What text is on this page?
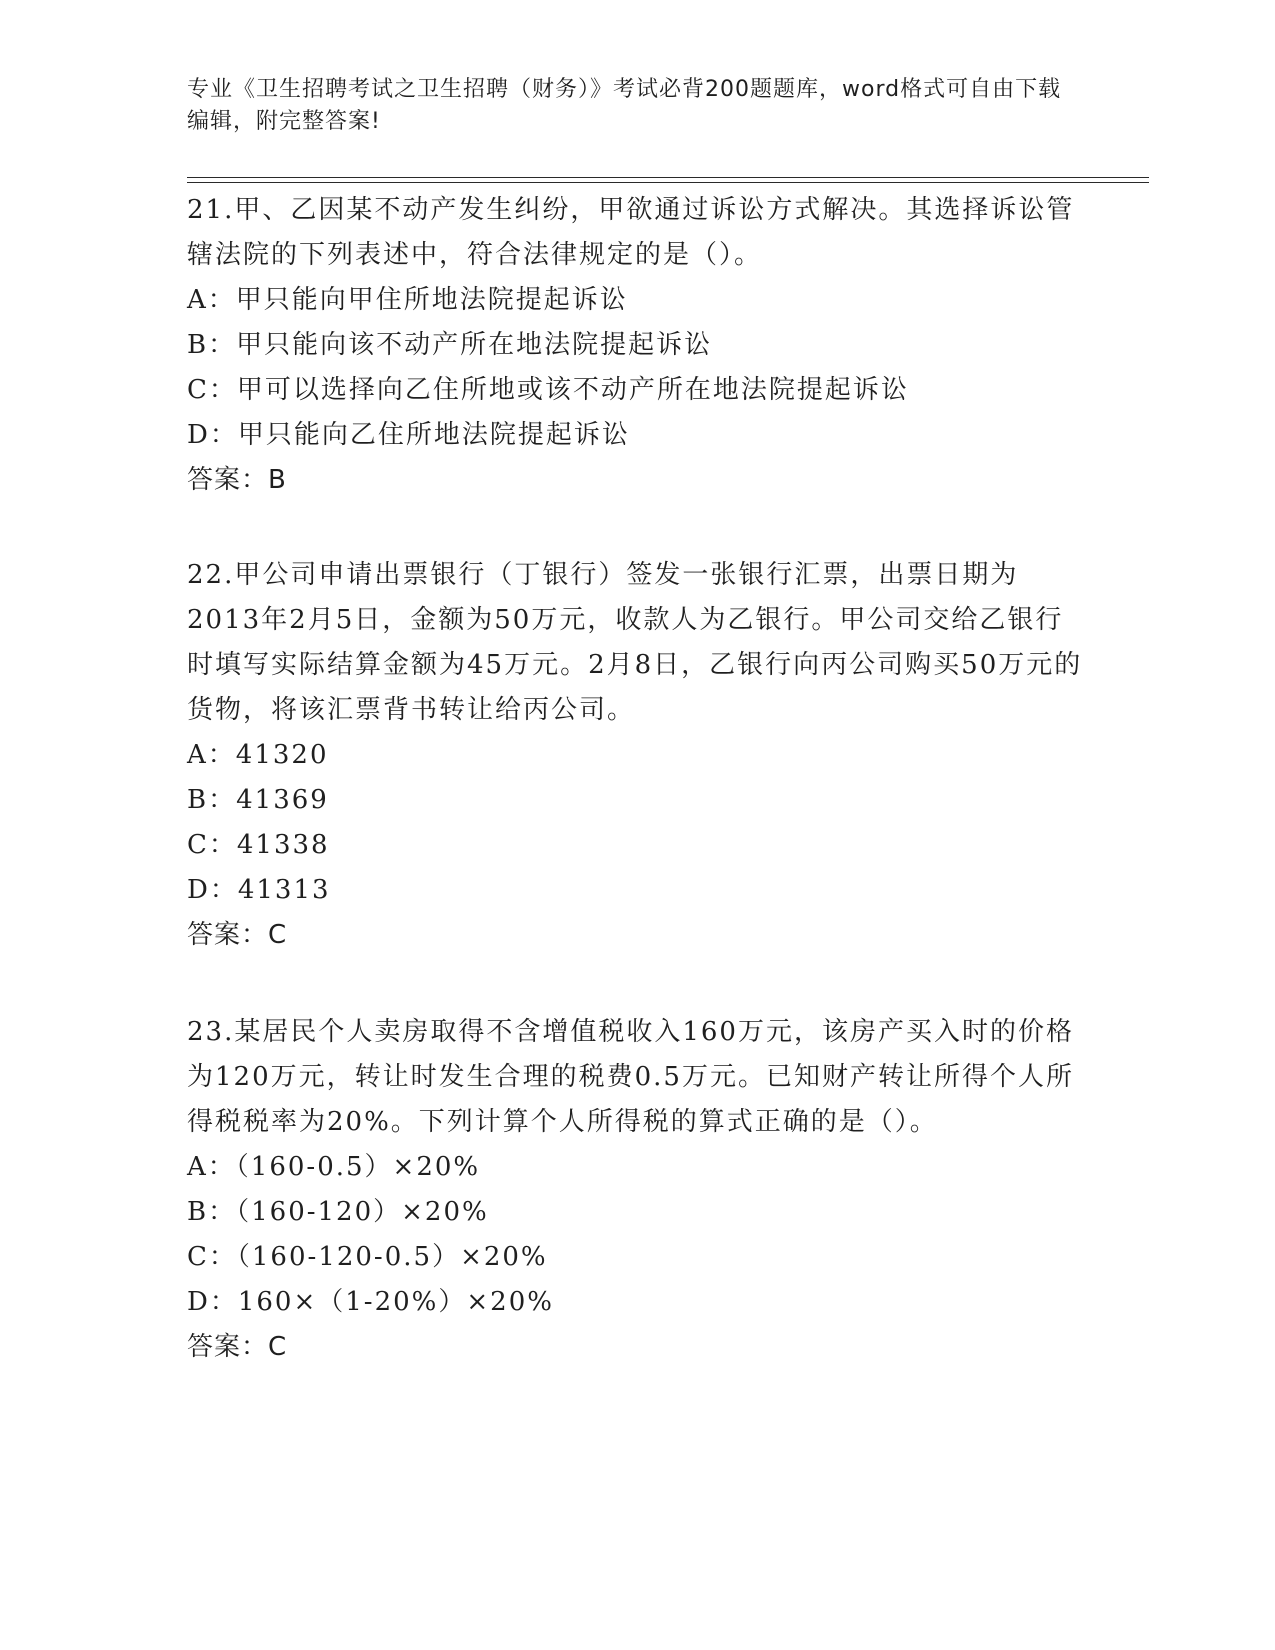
专业《卫生招聘考试之卫生招聘（财务）》考试必背200题题库，word格式可自由下载编辑，附完整答案!
21.甲、乙因某不动产发生纠纷，甲欲通过诉讼方式解决。其选择诉讼管辖法院的下列表述中，符合法律规定的是（）。
A：甲只能向甲住所地法院提起诉讼
B：甲只能向该不动产所在地法院提起诉讼
C：甲可以选择向乙住所地或该不动产所在地法院提起诉讼
D：甲只能向乙住所地法院提起诉讼
答案：B
22.甲公司申请出票银行（丁银行）签发一张银行汇票，出票日期为2013年2月5日，金额为50万元，收款人为乙银行。甲公司交给乙银行时填写实际结算金额为45万元。2月8日，乙银行向丙公司购买50万元的货物，将该汇票背书转让给丙公司。
A：41320
B：41369
C：41338
D：41313
答案：C
23.某居民个人卖房取得不含增值税收入160万元，该房产买入时的价格为120万元，转让时发生合理的税费0.5万元。已知财产转让所得个人所得税税率为20%。下列计算个人所得税的算式正确的是（）。
A：（160-0.5）×20%
B：（160-120）×20%
C：（160-120-0.5）×20%
D：160×（1-20%）×20%
答案：C
